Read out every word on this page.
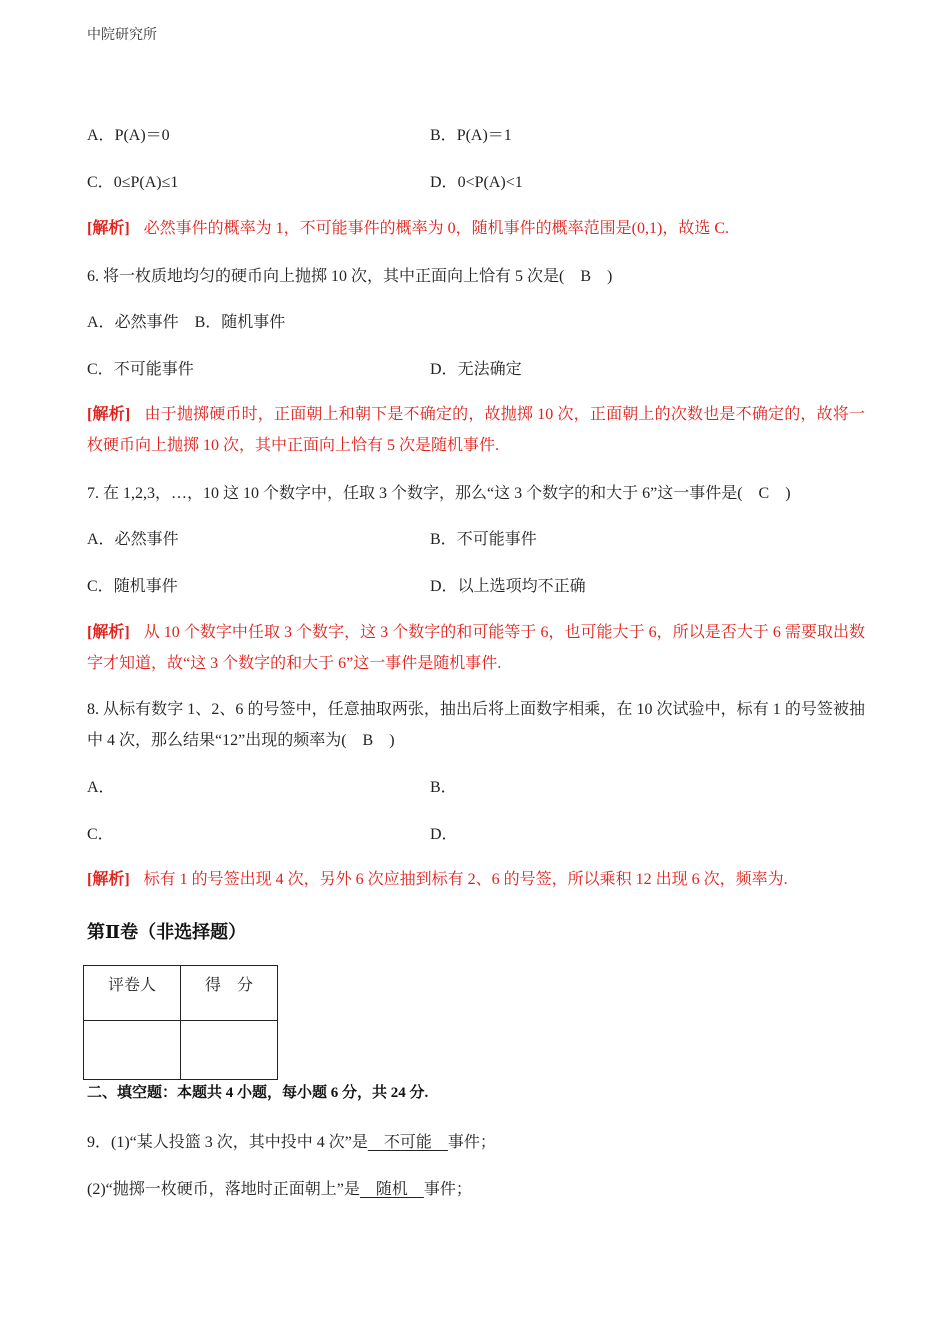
中院研究所
A．P(A)＝0	B．P(A)＝1
C．0≤P(A)≤1	D．0<P(A)<1
[解析] 必然事件的概率为 1，不可能事件的概率为 0，随机事件的概率范围是(0,1)，故选 C.
6. 将一枚质地均匀的硬币向上抛掷 10 次，其中正面向上恰有 5 次是(　B　)
A．必然事件 B．随机事件
C．不可能事件	D．无法确定
[解析] 由于抛掷硬币时，正面朝上和朝下是不确定的，故抛掷 10 次，正面朝上的次数也是不确定的，故将一枚硬币向上抛掷 10 次，其中正面向上恰有 5 次是随机事件.
7. 在 1,2,3，…，10 这 10 个数字中，任取 3 个数字，那么“这 3 个数字的和大于 6”这一事件是(　C　)
A．必然事件	B．不可能事件
C．随机事件	D．以上选项均不正确
[解析] 从 10 个数字中任取 3 个数字，这 3 个数字的和可能等于 6，也可能大于 6，所以是否大于 6 需要取出数字才知道，故“这 3 个数字的和大于 6”这一事件是随机事件.
8. 从标有数字 1、2、6 的号签中，任意抽取两张，抽出后将上面数字相乘，在 10 次试验中，标有 1 的号签被抽中 4 次，那么结果“12”出现的频率为(　B　)
A．	B．
C．	D．
[解析] 标有 1 的号签出现 4 次，另外 6 次应抽到标有 2、6 的号签，所以乘积 12 出现 6 次，频率为.
第Ⅱ卷（非选择题）
评卷人	得　分

二、填空题：本题共 4 小题，每小题 6 分，共 24 分.
9．(1)“某人投篮 3 次，其中投中 4 次”是　不可能　事件；
(2)“抛掷一枚硬币，落地时正面朝上”是　随机　事件；
